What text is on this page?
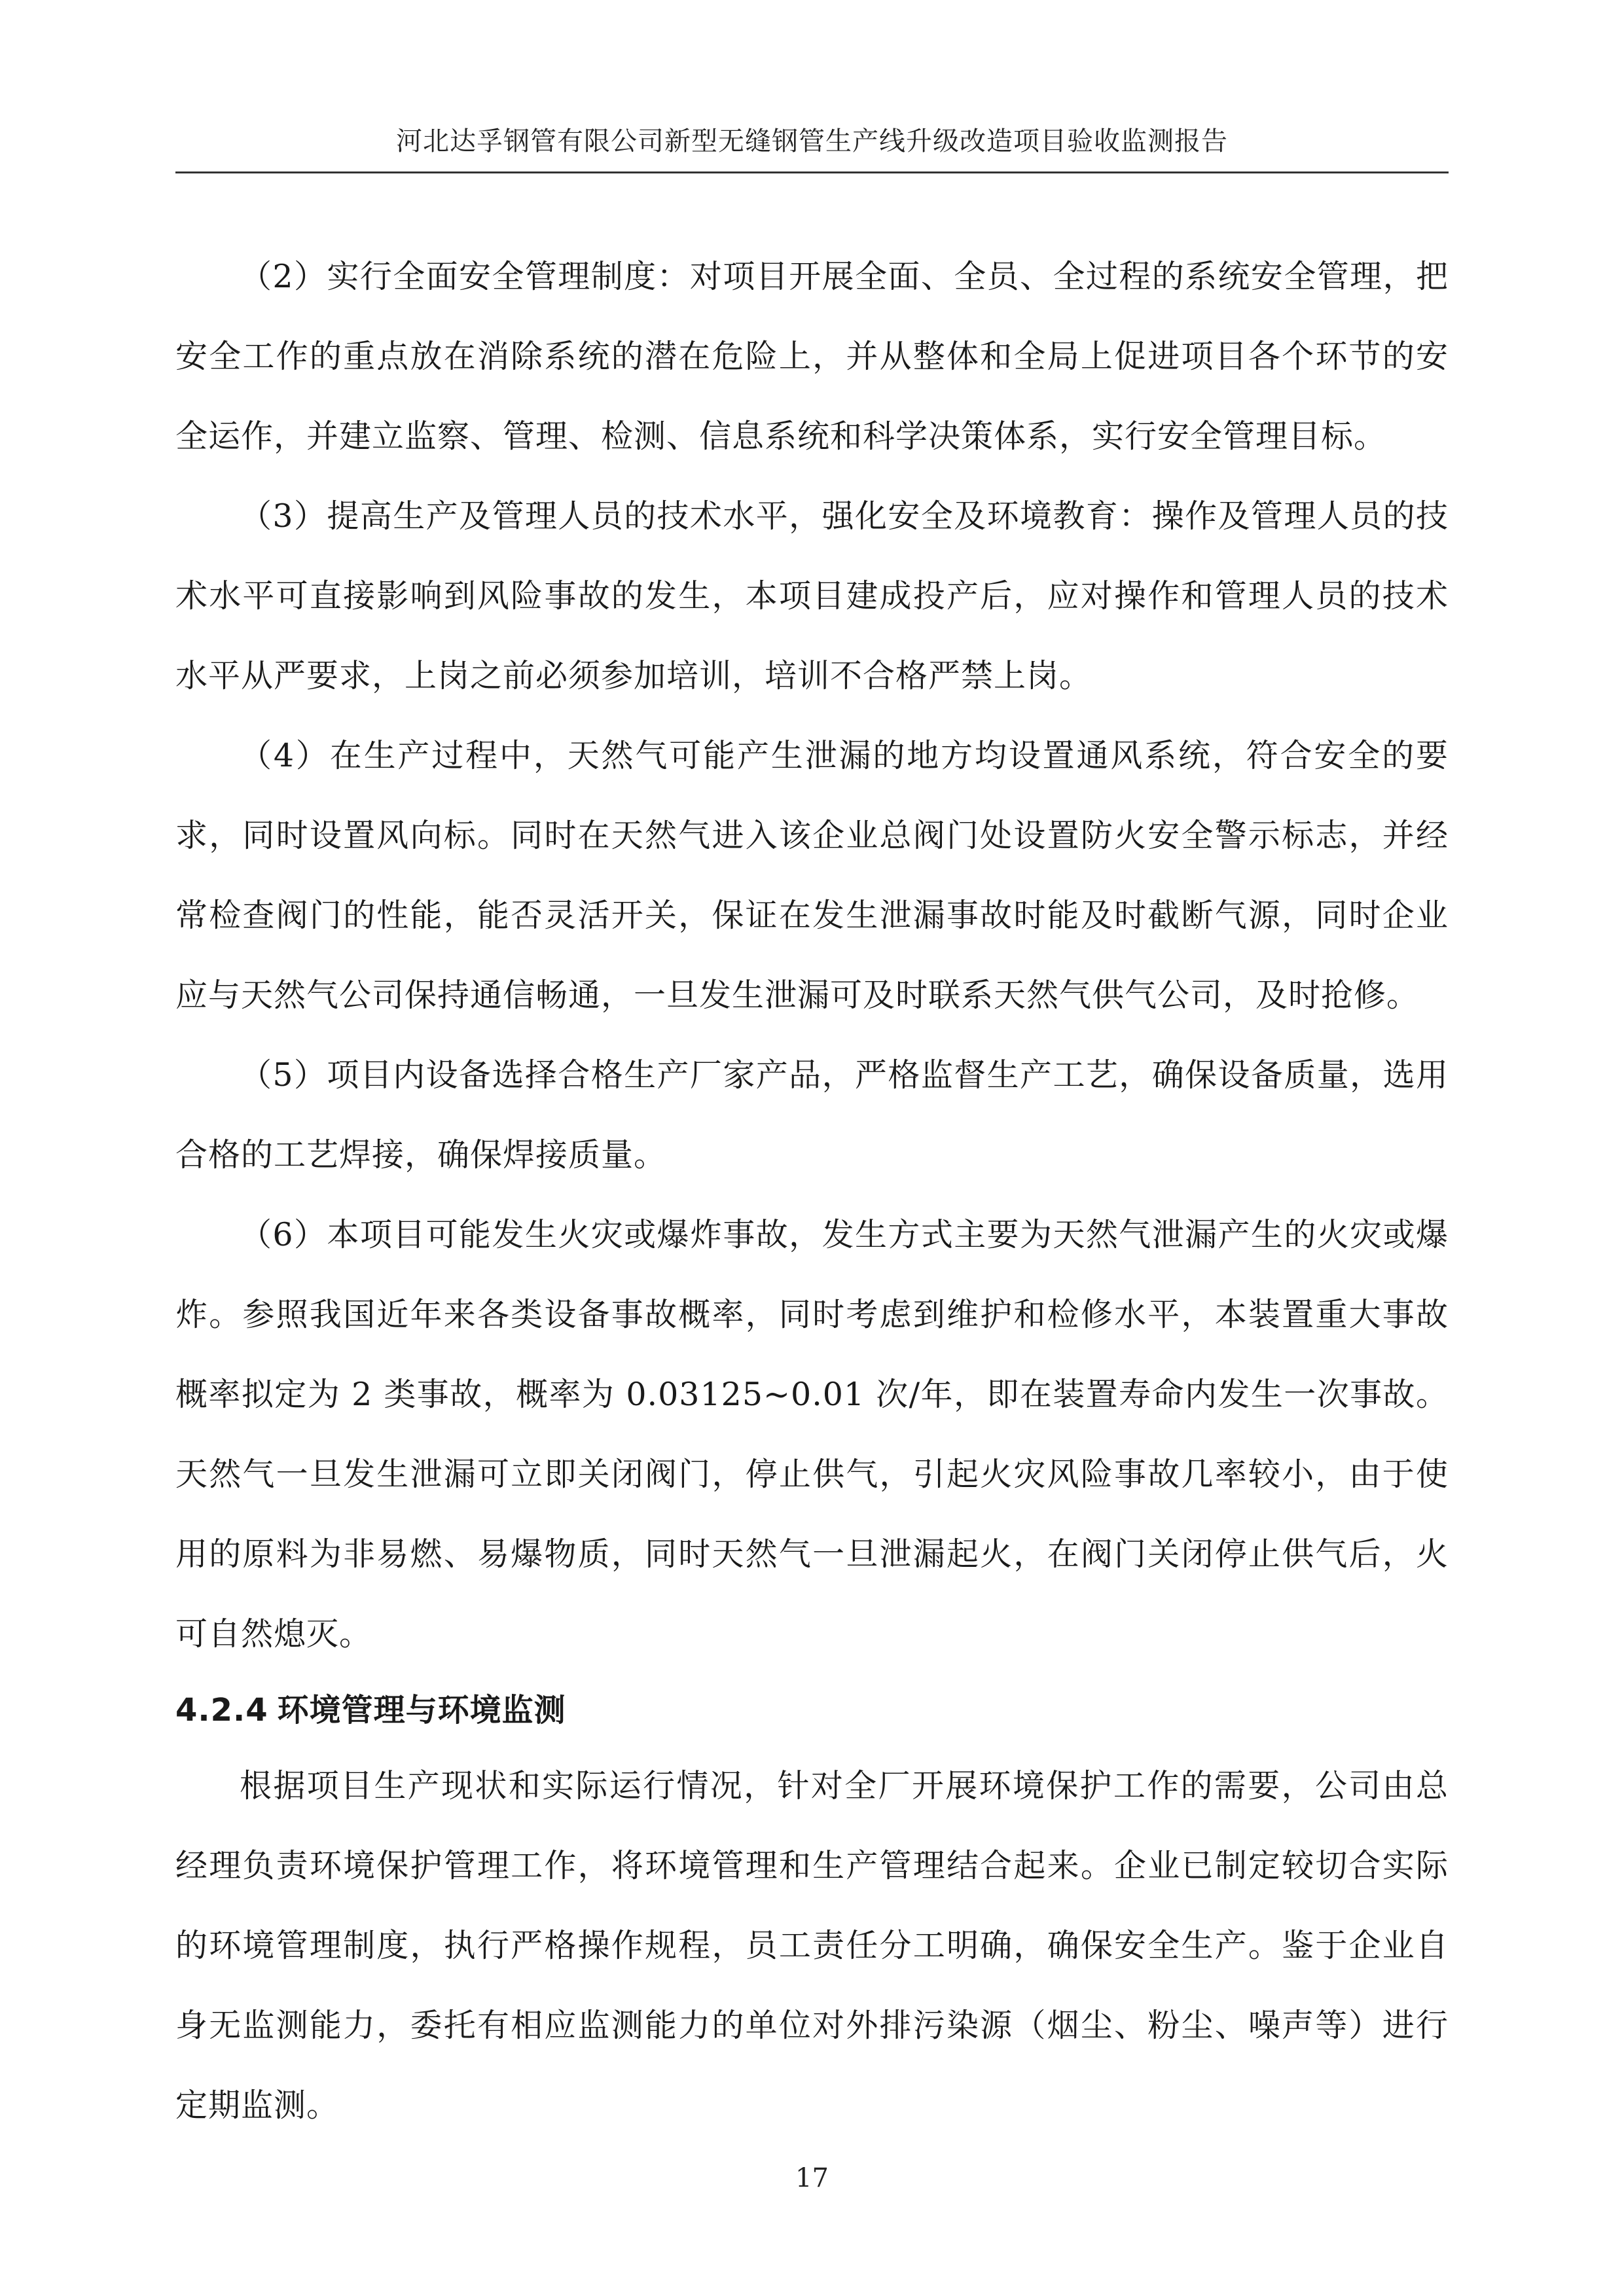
河北达孚钢管有限公司新型无缝钢管生产线升级改造项目验收监测报告

（2）实行全面安全管理制度：对项目开展全面、全员、全过程的系统安全管理，把安全工作的重点放在消除系统的潜在危险上，并从整体和全局上促进项目各个环节的安全运作，并建立监察、管理、检测、信息系统和科学决策体系，实行安全管理目标。

（3）提高生产及管理人员的技术水平，强化安全及环境教育：操作及管理人员的技术水平可直接影响到风险事故的发生，本项目建成投产后，应对操作和管理人员的技术水平从严要求，上岗之前必须参加培训，培训不合格严禁上岗。

（4）在生产过程中，天然气可能产生泄漏的地方均设置通风系统，符合安全的要求，同时设置风向标。同时在天然气进入该企业总阀门处设置防火安全警示标志，并经常检查阀门的性能，能否灵活开关，保证在发生泄漏事故时能及时截断气源，同时企业应与天然气公司保持通信畅通，一旦发生泄漏可及时联系天然气供气公司，及时抢修。

（5）项目内设备选择合格生产厂家产品，严格监督生产工艺，确保设备质量，选用合格的工艺焊接，确保焊接质量。

（6）本项目可能发生火灾或爆炸事故，发生方式主要为天然气泄漏产生的火灾或爆炸。参照我国近年来各类设备事故概率，同时考虑到维护和检修水平，本装置重大事故概率拟定为 2 类事故，概率为 0.03125~0.01 次/年，即在装置寿命内发生一次事故。天然气一旦发生泄漏可立即关闭阀门，停止供气，引起火灾风险事故几率较小，由于使用的原料为非易燃、易爆物质，同时天然气一旦泄漏起火，在阀门关闭停止供气后，火可自然熄灭。

4.2.4 环境管理与环境监测

根据项目生产现状和实际运行情况，针对全厂开展环境保护工作的需要，公司由总经理负责环境保护管理工作，将环境管理和生产管理结合起来。企业已制定较切合实际的环境管理制度，执行严格操作规程，员工责任分工明确，确保安全生产。鉴于企业自身无监测能力，委托有相应监测能力的单位对外排污染源（烟尘、粉尘、噪声等）进行定期监测。

17
